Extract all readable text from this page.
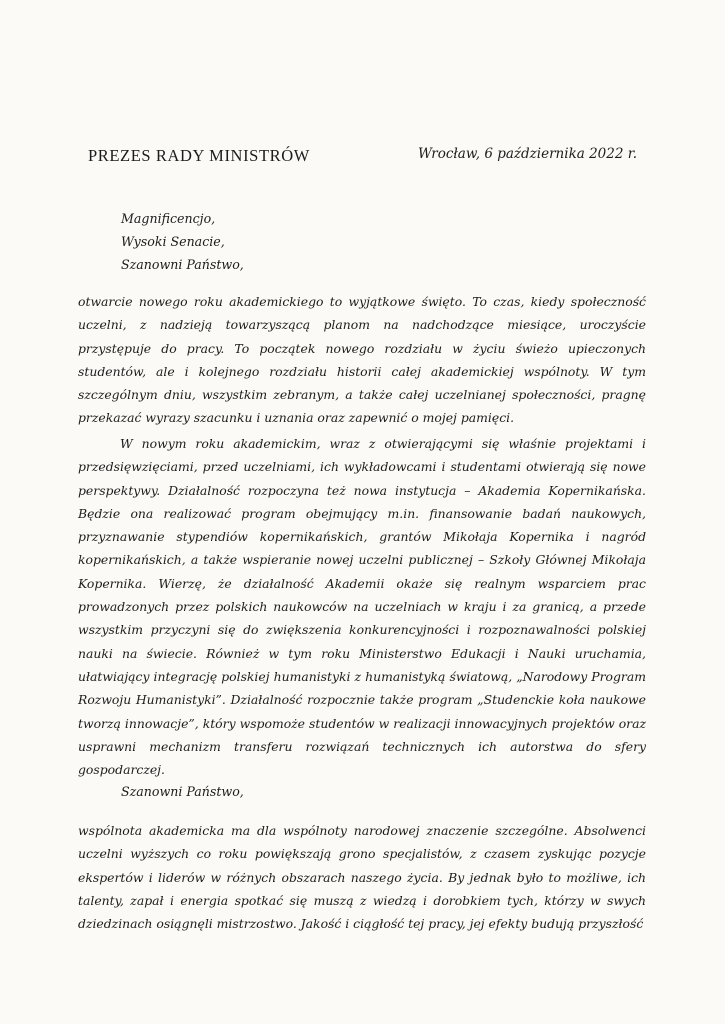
PREZES RADY MINISTRÓW	Wrocław, 6 października 2022 r.
Magnificencjo,
Wysoki Senacie,
Szanowni Państwo,

otwarcie nowego roku akademickiego to wyjątkowe święto. To czas, kiedy społeczność uczelni, z nadzieją towarzyszącą planom na nadchodzące miesiące, uroczyście przystępuje do pracy. To początek nowego rozdziału w życiu świeżo upieczonych studentów, ale i kolejnego rozdziału historii całej akademickiej wspólnoty. W tym szczególnym dniu, wszystkim zebranym, a także całej uczelnianej społeczności, pragnę przekazać wyrazy szacunku i uznania oraz zapewnić o mojej pamięci.

W nowym roku akademickim, wraz z otwierającymi się właśnie projektami i przedsięwzięciami, przed uczelniami, ich wykładowcami i studentami otwierają się nowe perspektywy. Działalność rozpoczyna też nowa instytucja – Akademia Kopernikańska. Będzie ona realizować program obejmujący m.in. finansowanie badań naukowych, przyznawanie stypendiów kopernikańskich, grantów Mikołaja Kopernika i nagród kopernikańskich, a także wspieranie nowej uczelni publicznej – Szkoły Głównej Mikołaja Kopernika. Wierzę, że działalność Akademii okaże się realnym wsparciem prac prowadzonych przez polskich naukowców na uczelniach w kraju i za granicą, a przede wszystkim przyczyni się do zwiększenia konkurencyjności i rozpoznawalności polskiej nauki na świecie. Również w tym roku Ministerstwo Edukacji i Nauki uruchamia, ułatwiający integrację polskiej humanistyki z humanistyką światową, „Narodowy Program Rozwoju Humanistyki”. Działalność rozpocznie także program „Studenckie koła naukowe tworzą innowacje”, który wspomoże studentów w realizacji innowacyjnych projektów oraz usprawni mechanizm transferu rozwiązań technicznych ich autorstwa do sfery gospodarczej.

Szanowni Państwo,

wspólnota akademicka ma dla wspólnoty narodowej znaczenie szczególne. Absolwenci uczelni wyższych co roku powiększają grono specjalistów, z czasem zyskując pozycje ekspertów i liderów w różnych obszarach naszego życia. By jednak było to możliwe, ich talenty, zapał i energia spotkać się muszą z wiedzą i dorobkiem tych, którzy w swych dziedzinach osiągnęli mistrzostwo. Jakość i ciągłość tej pracy, jej efekty budują przyszłość
